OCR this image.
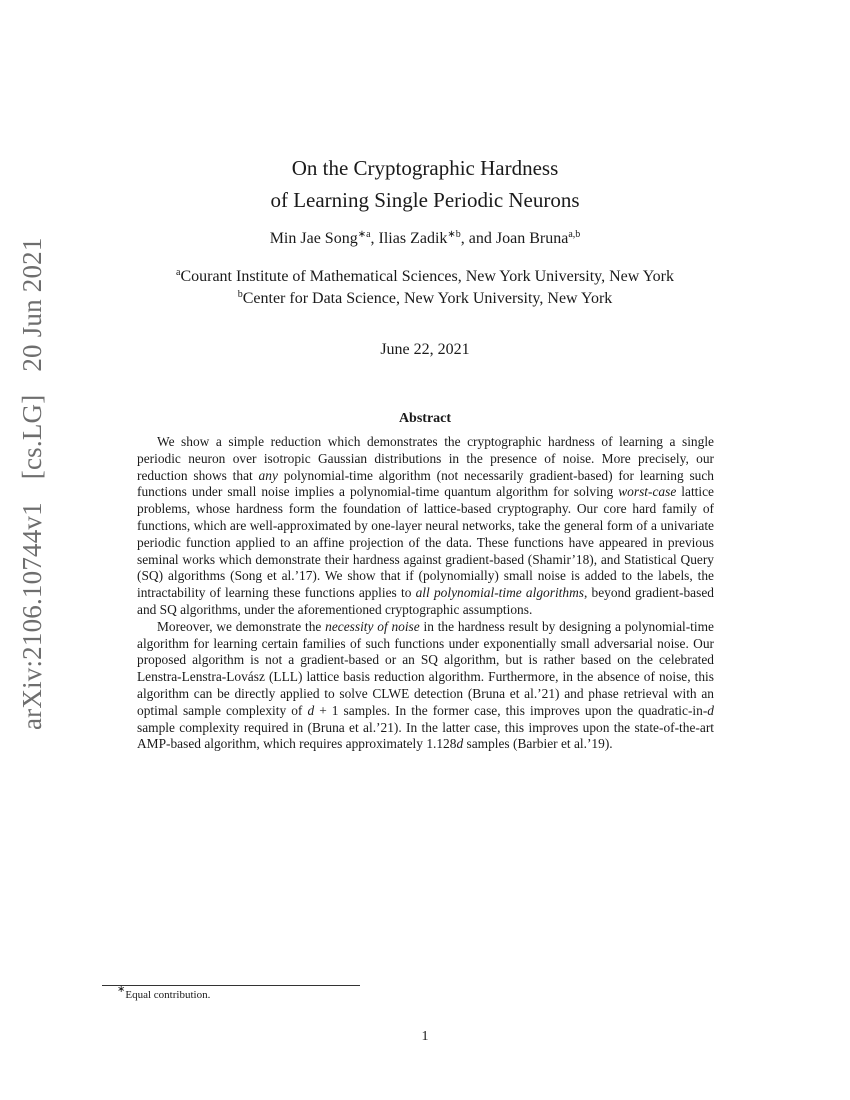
arXiv:2106.10744v1 [cs.LG] 20 Jun 2021
On the Cryptographic Hardness
of Learning Single Periodic Neurons
Min Jae Song$^{∗a}$, Ilias Zadik$^{∗b}$, and Joan Bruna$^{a,b}$
$^a$Courant Institute of Mathematical Sciences, New York University, New York
$^b$Center for Data Science, New York University, New York
June 22, 2021
Abstract

We show a simple reduction which demonstrates the cryptographic hardness of learning a single periodic neuron over isotropic Gaussian distributions in the presence of noise. More precisely, our reduction shows that any polynomial-time algorithm (not necessarily gradient-based) for learning such functions under small noise implies a polynomial-time quantum algorithm for solving worst-case lattice problems, whose hardness form the foundation of lattice-based cryptography. Our core hard family of functions, which are well-approximated by one-layer neural networks, take the general form of a univariate periodic function applied to an affine projection of the data. These functions have appeared in previous seminal works which demonstrate their hardness against gradient-based (Shamir’18), and Statistical Query (SQ) algorithms (Song et al.’17). We show that if (polynomially) small noise is added to the labels, the intractability of learning these functions applies to all polynomial-time algorithms, beyond gradient-based and SQ algorithms, under the aforementioned cryptographic assumptions.

Moreover, we demonstrate the necessity of noise in the hardness result by designing a polynomial-time algorithm for learning certain families of such functions under exponentially small adversarial noise. Our proposed algorithm is not a gradient-based or an SQ algorithm, but is rather based on the celebrated Lenstra-Lenstra-Lovász (LLL) lattice basis reduction algorithm. Furthermore, in the absence of noise, this algorithm can be directly applied to solve CLWE detection (Bruna et al.’21) and phase retrieval with an optimal sample complexity of d + 1 samples. In the former case, this improves upon the quadratic-in-d sample complexity required in (Bruna et al.’21). In the latter case, this improves upon the state-of-the-art AMP-based algorithm, which requires approximately 1.128d samples (Barbier et al.’19).

∗Equal contribution.
1
